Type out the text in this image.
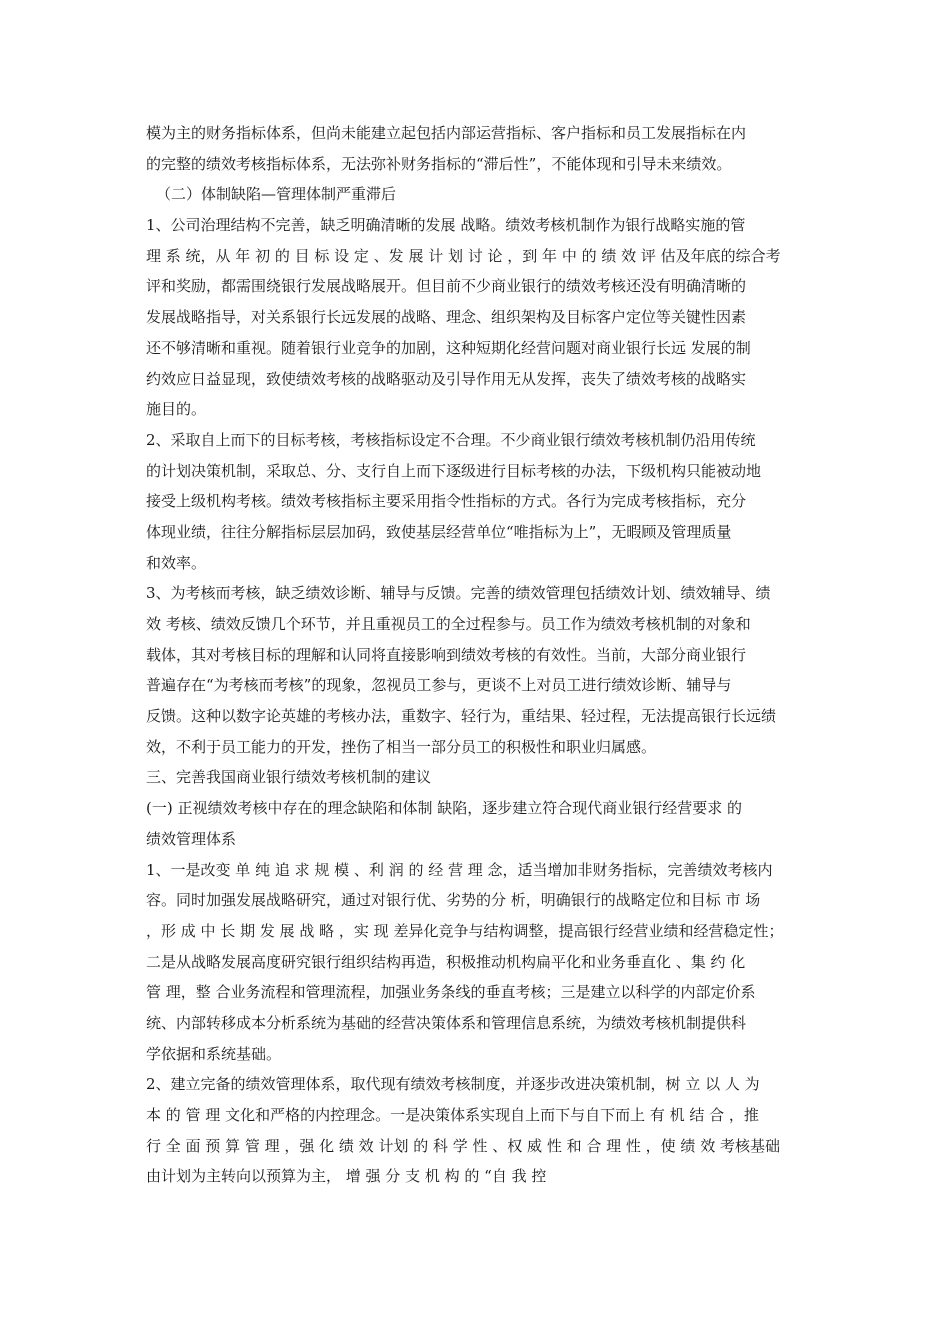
模为主的财务指标体系，但尚未能建立起包括内部运营指标、客户指标和员工发展指标在内
的完整的绩效考核指标体系，无法弥补财务指标的“滞后性”，不能体现和引导未来绩效。
（二）体制缺陷—管理体制严重滞后
1、公司治理结构不完善，缺乏明确清晰的发展 战略。绩效考核机制作为银行战略实施的管
理 系 统，从 年 初 的 目 标 设 定 、发 展 计 划 讨 论 ，到 年 中 的 绩 效 评 估及年底的综合考
评和奖励，都需围绕银行发展战略展开。但目前不少商业银行的绩效考核还没有明确清晰的
发展战略指导，对关系银行长远发展的战略、理念、组织架构及目标客户定位等关键性因素
还不够清晰和重视。随着银行业竞争的加剧，这种短期化经营问题对商业银行长远 发展的制
约效应日益显现，致使绩效考核的战略驱动及引导作用无从发挥，丧失了绩效考核的战略实
施目的。
2、采取自上而下的目标考核，考核指标设定不合理。不少商业银行绩效考核机制仍沿用传统
的计划决策机制，采取总、分、支行自上而下逐级进行目标考核的办法，下级机构只能被动地
接受上级机构考核。绩效考核指标主要采用指令性指标的方式。各行为完成考核指标，充分
体现业绩，往往分解指标层层加码，致使基层经营单位“唯指标为上”，无暇顾及管理质量
和效率。
3、为考核而考核，缺乏绩效诊断、辅导与反馈。完善的绩效管理包括绩效计划、绩效辅导、绩
效 考核、绩效反馈几个环节，并且重视员工的全过程参与。员工作为绩效考核机制的对象和
载体，其对考核目标的理解和认同将直接影响到绩效考核的有效性。当前，大部分商业银行
普遍存在“为考核而考核”的现象，忽视员工参与，更谈不上对员工进行绩效诊断、辅导与
反馈。这种以数字论英雄的考核办法，重数字、轻行为，重结果、轻过程，无法提高银行长远绩
效，不利于员工能力的开发，挫伤了相当一部分员工的积极性和职业归属感。
三、完善我国商业银行绩效考核机制的建议
(一) 正视绩效考核中存在的理念缺陷和体制 缺陷，逐步建立符合现代商业银行经营要求 的
绩效管理体系
1、一是改变 单 纯 追 求 规 模 、利 润 的 经 营 理 念，适当增加非财务指标，完善绩效考核内
容。同时加强发展战略研究，通过对银行优、劣势的分 析，明确银行的战略定位和目标 市 场
，形 成 中 长 期 发 展 战 略 ，实 现 差异化竞争与结构调整，提高银行经营业绩和经营稳定性；
二是从战略发展高度研究银行组织结构再造，积极推动机构扁平化和业务垂直化 、集 约 化
管 理，整 合业务流程和管理流程，加强业务条线的垂直考核；三是建立以科学的内部定价系
统、内部转移成本分析系统为基础的经营决策体系和管理信息系统，为绩效考核机制提供科
学依据和系统基础。
2、建立完备的绩效管理体系，取代现有绩效考核制度，并逐步改进决策机制，树 立 以 人 为
本 的 管 理 文化和严格的内控理念。一是决策体系实现自上而下与自下而上 有 机 结 合 ，推
行 全 面 预 算 管 理 ，强 化 绩 效 计划 的 科 学 性 、权 威 性 和 合 理 性 ，使 绩 效 考核基础
由计划为主转向以预算为主， 增 强 分 支 机 构 的 “自 我 控
